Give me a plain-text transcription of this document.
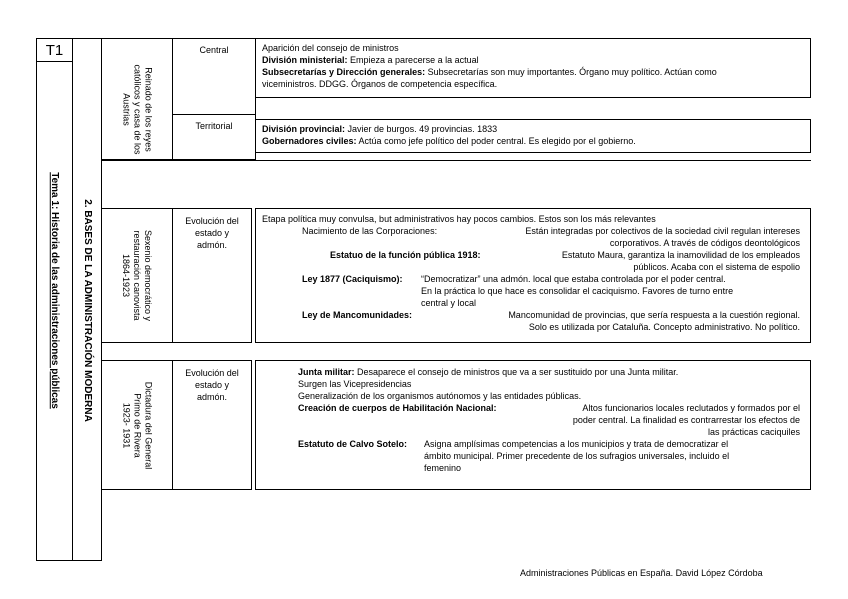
T1
Tema 1: Historia de las administraciones públicas 2. BASES DE LA ADMINISTRACIÓN MODERNA
Reinado de los reyes
católicos y casa de los
Austrias
Sexenio democrático y
restauración canovista
1864-1923
Dictadura del General
Primo de Rivera
1923- 1931
Central
Territorial
Aparición del consejo de ministros
División ministerial: Empieza a parecerse a la actual
Subsecretarías y Dirección generales: Subsecretarías son muy importantes. Órgano muy político. Actúan como
viceministros. DDGG. Órganos de competencia específica.
División provincial: Javier de burgos. 49 provincias. 1833
Gobernadores civiles: Actúa como jefe político del poder central. Es elegido por el gobierno.
Evolución del
estado y
admón.
Etapa política muy convulsa, but administrativos hay pocos cambios. Estos son los más relevantes
Nacimiento de las Corporaciones:	Están integradas por colectivos de la sociedad civil regulan intereses
corporativos. A través de códigos deontológicos
Estatuo de la función pública 1918:	Estatuto Maura, garantiza la inamovilidad de los empleados
públicos. Acaba con el sistema de espolio
Ley 1877 (Caciquismo): “Democratizar” una admón. local que estaba controlada por el poder central.
En la práctica lo que hace es consolidar el caciquismo. Favores de turno entre
central y local
Ley de Mancomunidades:	Mancomunidad de provincias, que sería respuesta a la cuestión regional.
Solo es utilizada por Cataluña. Concepto administrativo. No político.
Evolución del
estado y
admón.
Junta militar: Desaparece el consejo de ministros que va a ser sustituido por una Junta militar.
Surgen las Vicepresidencias
Generalización de los organismos autónomos y las entidades públicas.
Creación de cuerpos de Habilitación Nacional:	Altos funcionarios locales reclutados y formados por el
poder central. La finalidad es contrarrestar los efectos de
las prácticas caciquiles
Estatuto de Calvo Sotelo: Asigna amplísimas competencias a los municipios y trata de democratizar el
ámbito municipal. Primer precedente de los sufragios universales, incluido el
femenino
Administraciones Públicas en España. David López Córdoba
